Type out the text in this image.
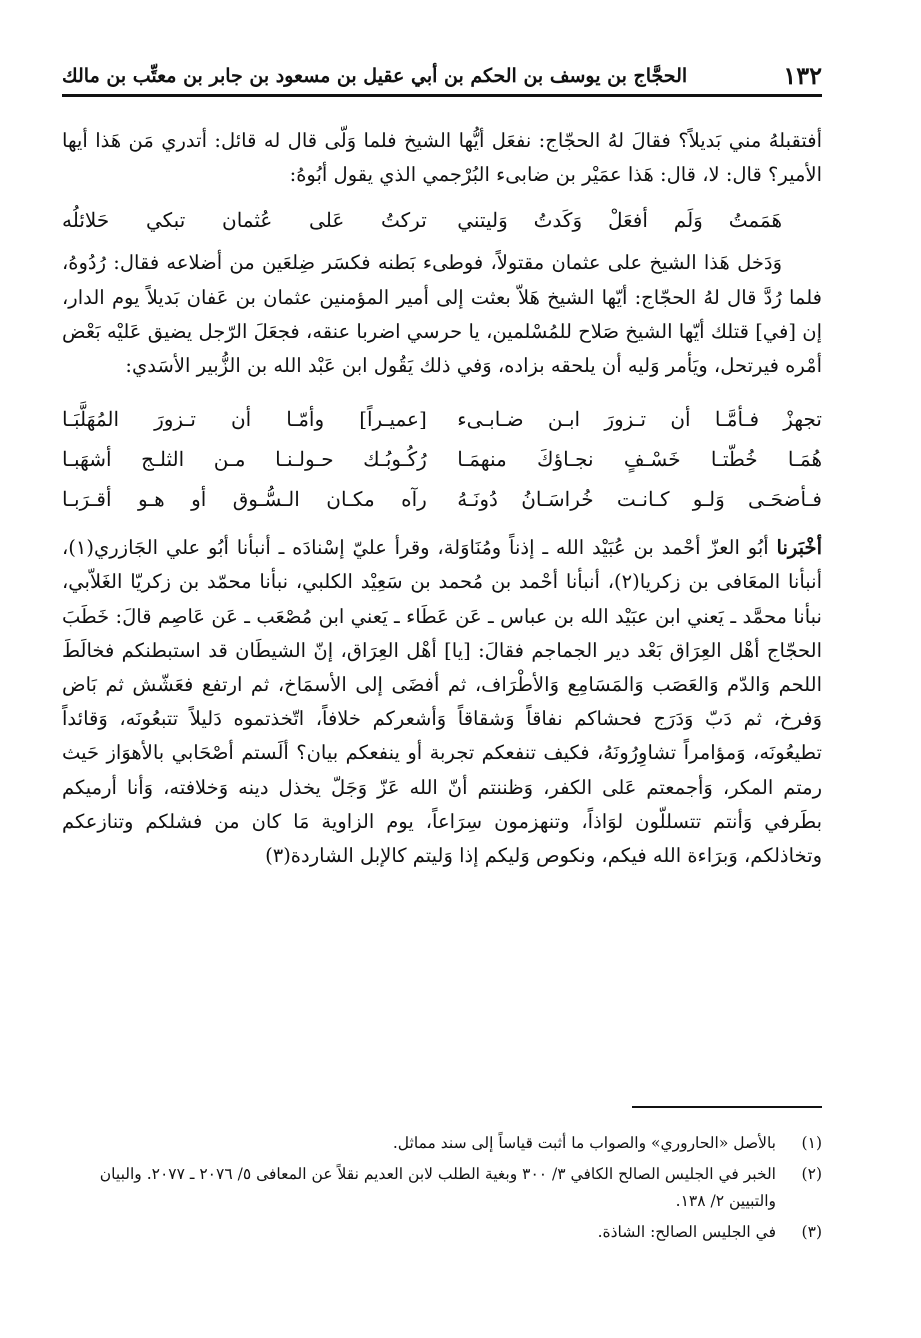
١٣٢
الحجَّاج بن يوسف بن الحكم بن أبي عقيل بن مسعود بن جابر بن معتِّب بن مالك

أفتقبلهُ مني بَديلاً؟ فقالَ لهُ الحجّاج: نفعَل أيُّها الشيخ فلما وَلّى قال له قائل: أتدري مَن هَذا أيها الأمير؟ قال: لا، قال: هَذا عمَيْر بن ضابىء البُرْجمي الذي يقول أبُوهُ:

هَمَمتُ وَلَم أفعَلْ وَكَدتُ وَليتني
تركتُ عَلى عُثمان تبكي حَلائلُه

وَدَخل هَذا الشيخ على عثمان مقتولاً، فوطىء بَطنه فكسَر ضِلعَين من أضلاعه فقال: رُدُوهُ، فلما رُدَّ قال لهُ الحجّاج: أيّها الشيخ هَلاّ بعثت إلى أمير المؤمنين عثمان بن عَفان بَديلاً يوم الدار، إن [في] قتلك أيّها الشيخ صَلاح للمُسْلمين، يا حرسي اضربا عنقه، فجعَلَ الرّجل يضيق عَليْه بَعْض أمْره فيرتحل، ويَأمر وَليه أن يلحقه بزاده، وَفي ذلك يَقُول ابن عَبْد الله بن الزُّبير الأسَدي:

تجهزْ فـأمَّـا أن تـزورَ ابـن ضـابـىء
[عميـراً] وأمّـا أن تـزورَ المُهَلَّبَـا
هُمَـا خُطّتـا خَسْـفٍ نجـاؤكَ منهمَـا
رُكُـوبُـك حـولـنـا مـن الثلـج أشهَبـا
فـأضحَـى وَلـو كـانـت خُراسَـانُ دُونَـهُ
رآه مكـان الـسُّـوق أو هـو أقـرَبـا

أخْبَرنا أبُو العزّ أحْمد بن عُبَيْد الله ـ إذناً ومُنَاوَلة، وقرأ عليّ إسْنادَه ـ أنبأنا أبُو علي الجَازري(١)، أنبأنا المعَافى بن زكريا(٢)، أنبأنا أحْمد بن مُحمد بن سَعِيْد الكلبي، نبأنا محمّد بن زكريّا الغَلاّبي، نبأنا محمَّد ـ يَعني ابن عبَيْد الله بن عباس ـ عَن عَطَاء ـ يَعني ابن مُصْعَب ـ عَن عَاصِم قالَ: خَطَبَ الحجّاج أهْل العِرَاق بَعْد دير الجماجم فقالَ: [يا] أهْل العِرَاق، إنّ الشيطَان قد استبطنكم فخالَطَ اللحم وَالدّم وَالعَصَب وَالمَسَامِع وَالأطْرَاف، ثم أفضَى إلى الأسمَاخ، ثم ارتفع فعَشّش ثم بَاض وَفرخ، ثم دَبّ وَدَرَج فحشاكم نفاقاً وَشقاقاً وَأشعركم خلافاً، اتّخذتموه دَليلاً تتبعُونَه، وَقائداً تطيعُونَه، وَمؤامراً تشاوِرُونَهُ، فكيف تنفعكم تجربة أو ينفعكم بيان؟ ألَستم أصْحَابي بالأهوَاز حَيث رمتم المكر، وَأجمعتم عَلى الكفر، وَظننتم أنّ الله عَزّ وَجَلّ يخذل دينه وَخلافته، وَأنا أرميكم بطَرفي وَأنتم تتسللّون لوَاذاً، وتنهزمون سِرَاعاً، يوم الزاوية مَا كان من فشلكم وتنازعكم وتخاذلكم، وَبرَاءة الله فيكم، ونكوص وَليكم إذا وَليتم كالإبل الشاردة(٣)

(١)
بالأصل «الحاروري» والصواب ما أثبت قياساً إلى سند مماثل.
(٢)
الخبر في الجليس الصالح الكافي ٣/ ٣٠٠ وبغية الطلب لابن العديم نقلاً عن المعافى ٥/ ٢٠٧٦ ـ ٢٠٧٧. والبيان والتبيين ٢/ ١٣٨.
(٣)
في الجليس الصالح: الشاذة.
